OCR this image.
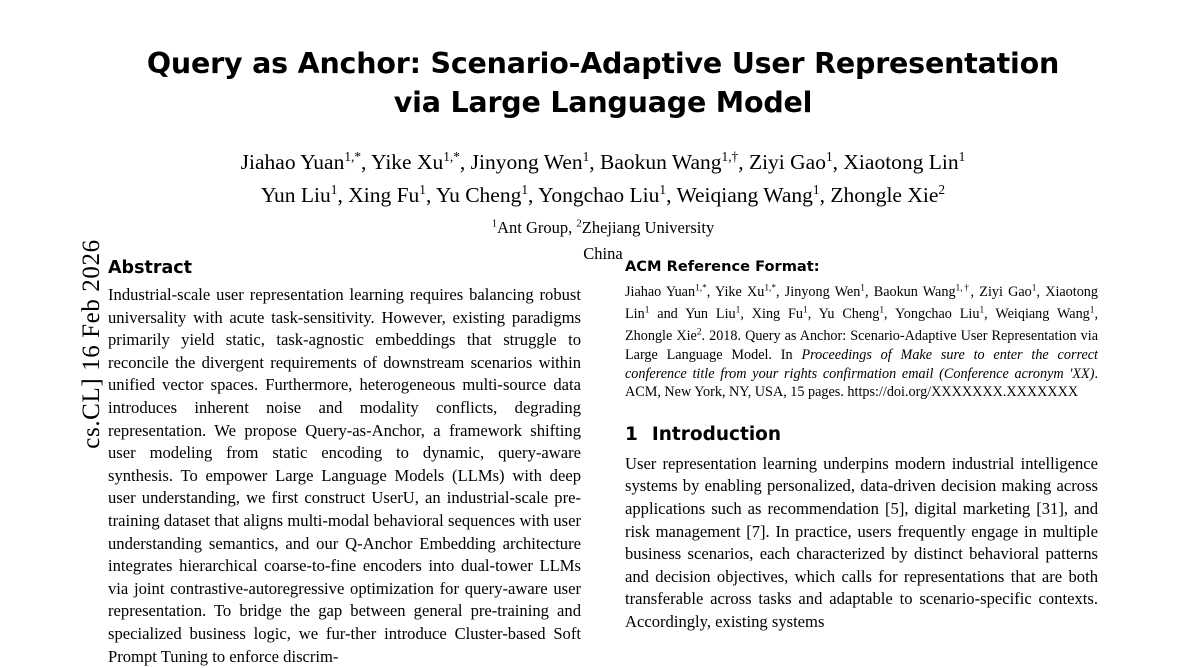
cs.CL] 16 Feb 2026
Query as Anchor: Scenario-Adaptive User Representation via Large Language Model
Jiahao Yuan$^{1,*}$, Yike $Xu^{1,*}$, Jinyong Wen$^1$, Baokun Wang$^{1,\dagger}$, Ziyi Gao$^1$, Xiaotong Lin$^1$
Yun Liu$^1$, Xing Fu$^1$, Yu Cheng$^1$, Yongchao Liu$^1$, Weiqiang Wang$^1$, Zhongle Xie$^2$
$^1$Ant Group, $^2$Zhejiang University
China
Abstract

Industrial-scale user representation learning requires balancing robust universality with acute task-sensitivity. However, existing paradigms primarily yield static, task-agnostic embeddings that struggle to reconcile the divergent requirements of downstream scenarios within unified vector spaces. Furthermore, heterogeneous multi-source data introduces inherent noise and modality conflicts, degrading representation. We propose Query-as-Anchor, a framework shifting user modeling from static encoding to dynamic, query-aware synthesis. To empower Large Language Models (LLMs) with deep user understanding, we first construct UserU, an industrial-scale pre-training dataset that aligns multi-modal behavioral sequences with user understanding semantics, and our Q-Anchor Embedding architecture integrates hierarchical coarse-to-fine encoders into dual-tower LLMs via joint contrastive-autoregressive optimization for query-aware user representation. To bridge the gap between general pre-training and specialized business logic, we fur-ther introduce Cluster-based Soft Prompt Tuning to enforce discrim-

ACM Reference Format:

Jiahao Yuan$^{1,*}$, Yike $Xu^{1,*}$, Jinyong Wen$^1$, Baokun Wang$^{1,\dagger}$, Ziyi Gao$^1$, Xiaotong Lin$^1$ and Yun Liu$^1$, Xing Fu$^1$, Yu Cheng$^1$, Yongchao Liu$^1$, Weiqiang Wang$^1$, Zhongle Xie$^2$. 2018. Query as Anchor: Scenario-Adaptive User Representation via Large Language Model. In Proceedings of Make sure to enter the correct conference title from your rights confirmation email (Conference acronym 'XX). ACM, New York, NY, USA, 15 pages. https://doi.org/XXXXXXX.XXXXXXX

1 Introduction

User representation learning underpins modern industrial intelligence systems by enabling personalized, data-driven decision making across applications such as recommendation [5], digital marketing [31], and risk management [7]. In practice, users frequently engage in multiple business scenarios, each characterized by distinct behavioral patterns and decision objectives, which calls for representations that are both transferable across tasks and adaptable to scenario-specific contexts. Accordingly, existing systems
